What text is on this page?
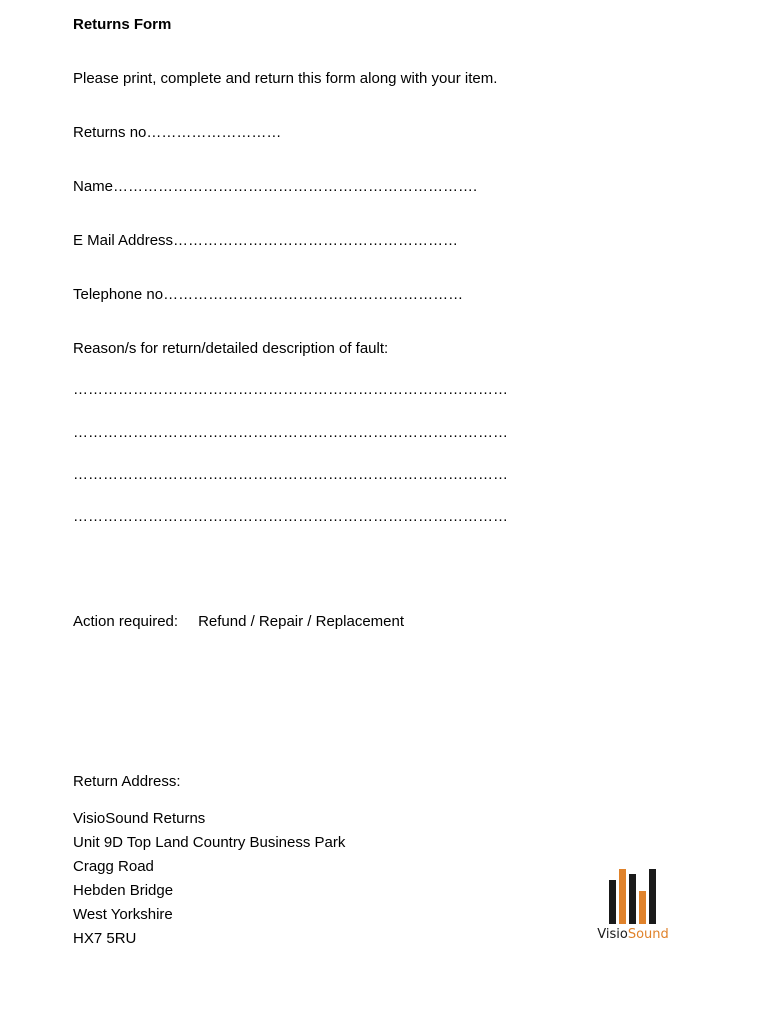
Returns Form
Please print, complete and return this form along with your item.
Returns no………………………
Name……………………………………………………………….
E Mail Address…………………………………………………
Telephone no……………………………………………………
Reason/s for return/detailed description of fault:
……………………………………………………………………………
……………………………………………………………………………
……………………………………………………………………………
……………………………………………………………………………
Action required: Refund / Repair / Replacement
Return Address:
VisioSound Returns
Unit 9D Top Land Country Business Park
Cragg Road
Hebden Bridge
West Yorkshire
HX7 5RU	VisioSound
